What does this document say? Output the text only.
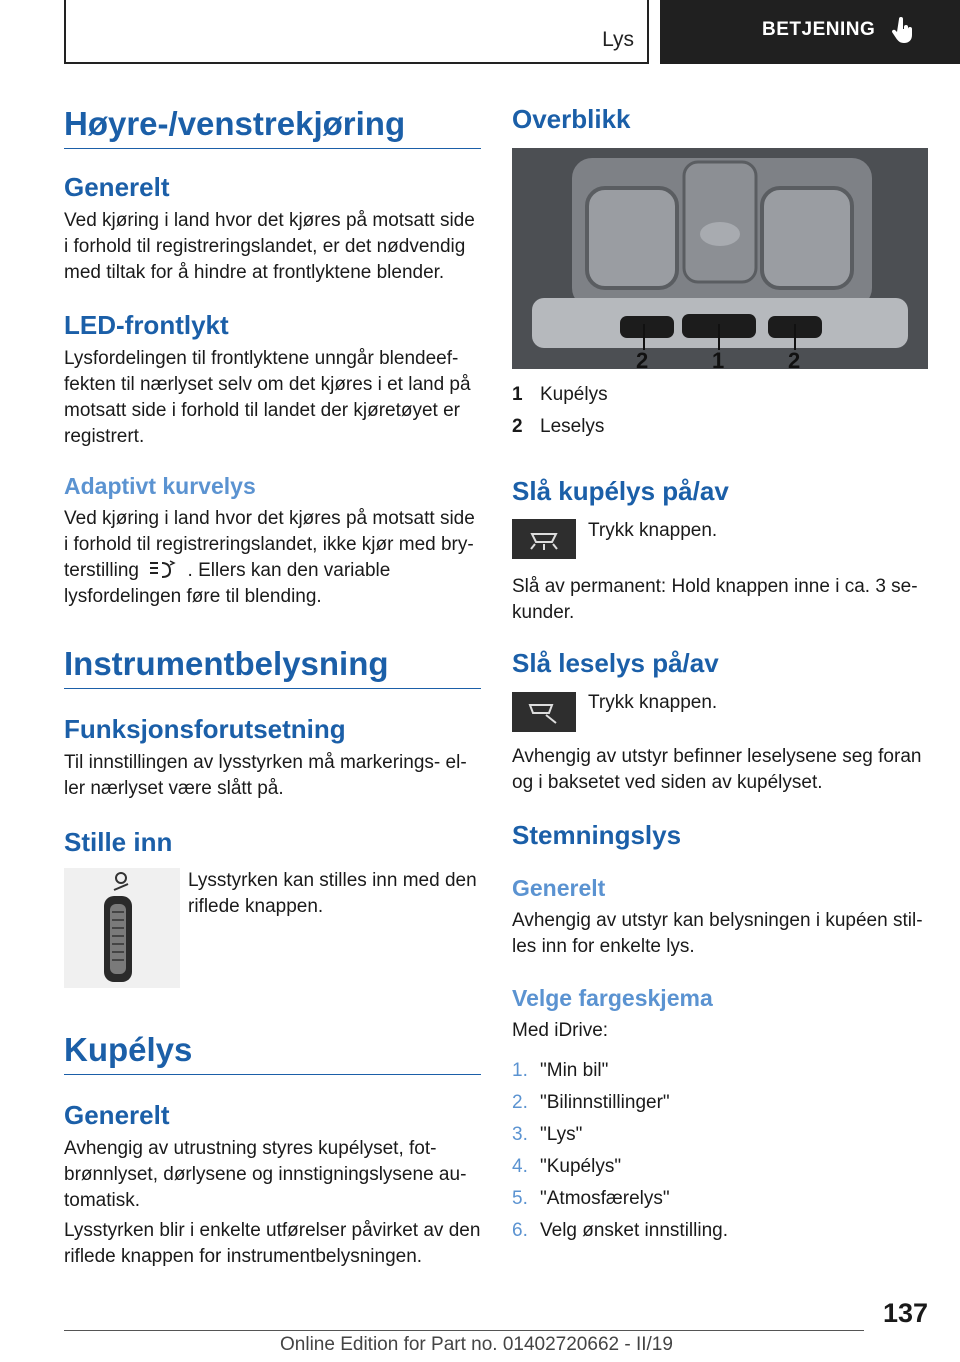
Lys	BETJENING
Høyre-/venstrekjøring
Generelt

Ved kjøring i land hvor det kjøres på motsatt side i forhold til registreringslandet, er det nødvendig med tiltak for å hindre at frontlyktene blender.

LED-frontlykt

Lysfordelingen til frontlyktene unngår blendeeffekten til nærlyset selv om det kjøres i et land på motsatt side i forhold til landet der kjøretøyet er registrert.

Adaptivt kurvelys

Ved kjøring i land hvor det kjøres på motsatt side i forhold til registreringslandet, ikke kjør med bryterstilling	. Ellers kan den variable lysfordelingen føre til blending.

Instrumentbelysning
Funksjonsforutsetning

Til innstillingen av lysstyrken må markerings- eller nærlyset være slått på.

Stille inn

Lysstyrken kan stilles inn med den riflede knappen.

Kupélys
Generelt

Avhengig av utrustning styres kupélyset, fotbrønnlyset, dørlysene og innstigningslysene automatisk.

Lysstyrken blir i enkelte utførelser påvirket av den riflede knappen for instrumentbelysningen.

Overblikk
2	1	2

1 Kupélys

2 Leselys

Slå kupélys på/av

Trykk knappen.

Slå av permanent: Hold knappen inne i ca. 3 sekunder.

Slå leselys på/av

Trykk knappen.

Avhengig av utstyr befinner leselysene seg foran og i baksetet ved siden av kupélyset.

Stemningslys
Generelt

Avhengig av utstyr kan belysningen i kupéen stilles inn for enkelte lys.

Velge fargeskjema

Med iDrive:

1. "Min bil"

2. "Bilinnstillinger"

3. "Lys"

4. "Kupélys"

5. "Atmosfærelys"

6. Velg ønsket innstilling.

137
Online Edition for Part no. 01402720662 - II/19
